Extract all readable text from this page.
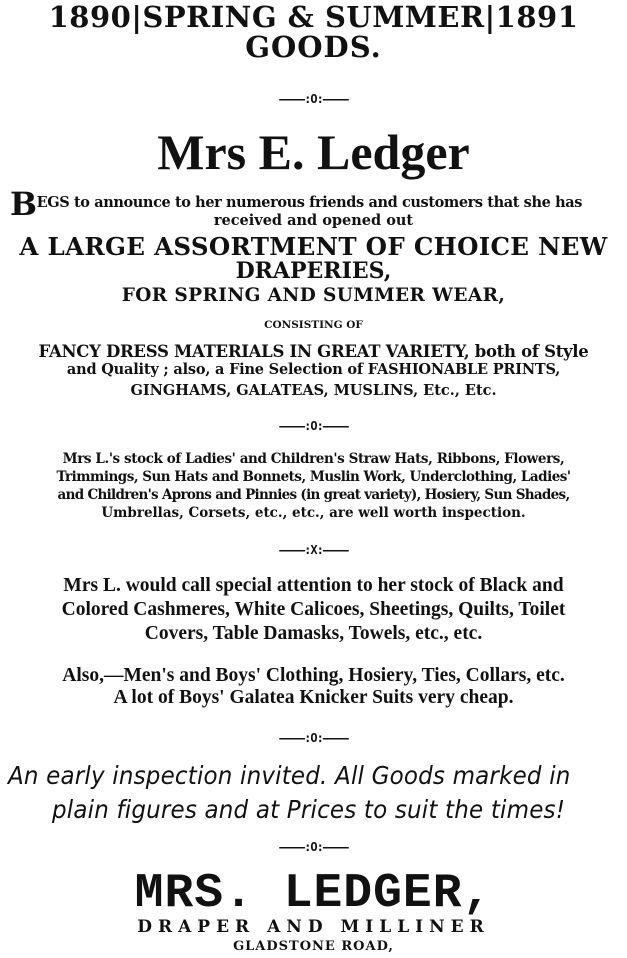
1890|SPRING & SUMMER|1891
GOODS.
————:O:————
Mrs E. Ledger
BEGS to announce to her numerous friends and customers that she has
received and opened out
A LARGE ASSORTMENT OF CHOICE NEW
DRAPERIES,
FOR SPRING AND SUMMER WEAR,
CONSISTING OF
FANCY DRESS MATERIALS IN GREAT VARIETY, both of Style
and Quality ; also, a Fine Selection of FASHIONABLE PRINTS,
GINGHAMS, GALATEAS, MUSLINS, Etc., Etc.
————:O:————
Mrs L.'s stock of Ladies' and Children's Straw Hats, Ribbons, Flowers,
Trimmings, Sun Hats and Bonnets, Muslin Work, Underclothing, Ladies'
and Children's Aprons and Pinnies (in great variety), Hosiery, Sun Shades,
Umbrellas, Corsets, etc., etc., are well worth inspection.
————:X:————
Mrs L. would call special attention to her stock of Black and
Colored Cashmeres, White Calicoes, Sheetings, Quilts, Toilet
Covers, Table Damasks, Towels, etc., etc.
Also,—Men's and Boys' Clothing, Hosiery, Ties, Collars, etc.
A lot of Boys' Galatea Knicker Suits very cheap.
————:O:————
An early inspection invited. All Goods marked in
plain figures and at Prices to suit the times!
————:O:————
MRS. LEDGER,
DRAPER AND MILLINER
GLADSTONE ROAD,
